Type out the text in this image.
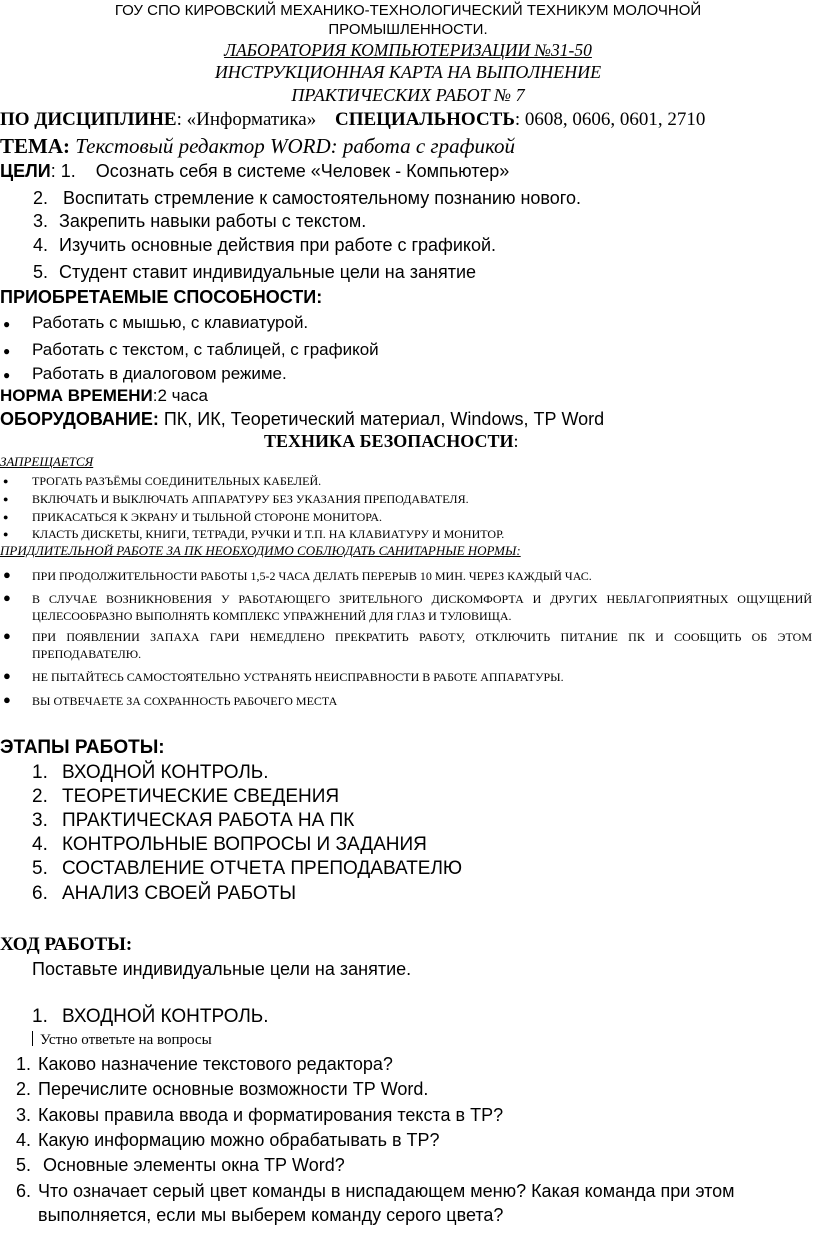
ГОУ СПО КИРОВСКИЙ МЕХАНИКО-ТЕХНОЛОГИЧЕСКИЙ ТЕХНИКУМ МОЛОЧНОЙ
ПРОМЫШЛЕННОСТИ.
ЛАБОРАТОРИЯ КОМПЬЮТЕРИЗАЦИИ №31-50
ИНСТРУКЦИОННАЯ КАРТА НА ВЫПОЛНЕНИЕ
ПРАКТИЧЕСКИХ РАБОТ № 7
ПО ДИСЦИПЛИНЕ: «Информатика» СПЕЦИАЛЬНОСТЬ: 0608, 0606, 0601, 2710
ТЕМА: Текстовый редактор WORD: работа с графикой
ЦЕЛИ: 1. Осознать себя в системе «Человек - Компьютер»
2. Воспитать стремление к самостоятельному познанию нового.
3. Закрепить навыки работы с текстом.
4. Изучить основные действия при работе с графикой.
5. Студент ставит индивидуальные цели на занятие
ПРИОБРЕТАЕМЫЕ СПОСОБНОСТИ:
● Работать с мышью, с клавиатурой.
● Работать с текстом, с таблицей, с графикой
● Работать в диалоговом режиме.
НОРМА ВРЕМЕНИ:2 часа
ОБОРУДОВАНИЕ: ПК, ИК, Теоретический материал, Windows, ТР Word
ТЕХНИКА БЕЗОПАСНОСТИ:
ЗАПРЕЩАЕТСЯ
● ТРОГАТЬ РАЗЪЁМЫ СОЕДИНИТЕЛЬНЫХ КАБЕЛЕЙ.
● ВКЛЮЧАТЬ И ВЫКЛЮЧАТЬ АППАРАТУРУ БЕЗ УКАЗАНИЯ ПРЕПОДАВАТЕЛЯ.
● ПРИКАСАТЬСЯ К ЭКРАНУ И ТЫЛЬНОЙ СТОРОНЕ МОНИТОРА.
● КЛАСТЬ ДИСКЕТЫ, КНИГИ, ТЕТРАДИ, РУЧКИ И Т.П. НА КЛАВИАТУРУ И МОНИТОР.
ПРИДЛИТЕЛЬНОЙ РАБОТЕ ЗА ПК НЕОБХОДИМО СОБЛЮДАТЬ САНИТАРНЫЕ НОРМЫ:
● ПРИ ПРОДОЛЖИТЕЛЬНОСТИ РАБОТЫ 1,5-2 ЧАСА ДЕЛАТЬ ПЕРЕРЫВ 10 МИН. ЧЕРЕЗ КАЖДЫЙ ЧАС.
● В СЛУЧАЕ ВОЗНИКНОВЕНИЯ У РАБОТАЮЩЕГО ЗРИТЕЛЬНОГО ДИСКОМФОРТА И ДРУГИХ НЕБЛАГОПРИЯТНЫХ ОЩУЩЕНИЙ ЦЕЛЕСООБРАЗНО ВЫПОЛНЯТЬ КОМПЛЕКС УПРАЖНЕНИЙ ДЛЯ ГЛАЗ И ТУЛОВИЩА.
● ПРИ ПОЯВЛЕНИИ ЗАПАХА ГАРИ НЕМЕДЛЕНО ПРЕКРАТИТЬ РАБОТУ, ОТКЛЮЧИТЬ ПИТАНИЕ ПК И СООБЩИТЬ ОБ ЭТОМ ПРЕПОДАВАТЕЛЮ.
● НЕ ПЫТАЙТЕСЬ САМОСТОЯТЕЛЬНО УСТРАНЯТЬ НЕИСПРАВНОСТИ В РАБОТЕ АППАРАТУРЫ.
● ВЫ ОТВЕЧАЕТЕ ЗА СОХРАННОСТЬ РАБОЧЕГО МЕСТА
ЭТАПЫ РАБОТЫ:
1. ВХОДНОЙ КОНТРОЛЬ.
2. ТЕОРЕТИЧЕСКИЕ СВЕДЕНИЯ
3. ПРАКТИЧЕСКАЯ РАБОТА НА ПК
4. КОНТРОЛЬНЫЕ ВОПРОСЫ И ЗАДАНИЯ
5. СОСТАВЛЕНИЕ ОТЧЕТА ПРЕПОДАВАТЕЛЮ
6. АНАЛИЗ СВОЕЙ РАБОТЫ
ХОД РАБОТЫ:
Поставьте индивидуальные цели на занятие.
1. ВХОДНОЙ КОНТРОЛЬ.
Устно ответьте на вопросы
1. Каково назначение текстового редактора?
2. Перечислите основные возможности ТР Word.
3. Каковы правила ввода и форматирования текста в ТР?
4. Какую информацию можно обрабатывать в ТР?
5. Основные элементы окна ТР Word?
6. Что означает серый цвет команды в ниспадающем меню? Какая команда при этом
выполняется, если мы выберем команду серого цвета?
